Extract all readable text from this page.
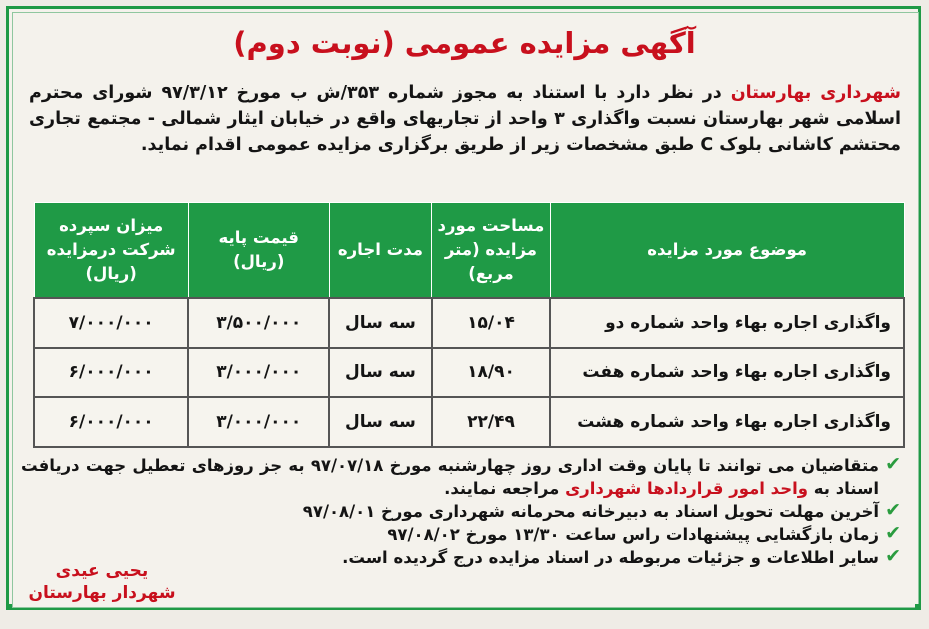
آگهی مزایده عمومی (نوبت دوم)
شهرداری بهارستان در نظر دارد با استناد به مجوز شماره ۳۵۳/ش ب مورخ ۹۷/۳/۱۲ شورای محترم اسلامی شهر بهارستان نسبت واگذاری ۳ واحد از تجاریهای واقع در خیابان ایثار شمالی - مجتمع تجاری محتشم کاشانی بلوک C طبق مشخصات زیر از طریق برگزاری مزایده عمومی اقدام نماید.
موضوع مورد مزایده	مساحت مورد مزایده (متر مربع)	مدت اجاره	قیمت پایه (ریال)	میزان سپرده شرکت درمزایده (ریال)
واگذاری اجاره بهاء واحد شماره دو	۱۵/۰۴	سه سال	۳/۵۰۰/۰۰۰	۷/۰۰۰/۰۰۰
واگذاری اجاره بهاء واحد شماره هفت	۱۸/۹۰	سه سال	۳/۰۰۰/۰۰۰	۶/۰۰۰/۰۰۰
واگذاری اجاره بهاء واحد شماره هشت	۲۲/۴۹	سه سال	۳/۰۰۰/۰۰۰	۶/۰۰۰/۰۰۰
✔
متقاضیان می توانند تا پایان وقت اداری روز چهارشنبه مورخ ۹۷/۰۷/۱۸ به جز روزهای تعطیل جهت دریافت اسناد به واحد امور قراردادها شهرداری مراجعه نمایند.
✔
آخرین مهلت تحویل اسناد به دبیرخانه محرمانه شهرداری مورخ ۹۷/۰۸/۰۱
✔
زمان بازگشایی پیشنهادات راس ساعت ۱۳/۳۰ مورخ ۹۷/۰۸/۰۲
✔
سایر اطلاعات و جزئیات مربوطه در اسناد مزایده درج گردیده است.
یحیی عیدی
شهردار بهارستان
